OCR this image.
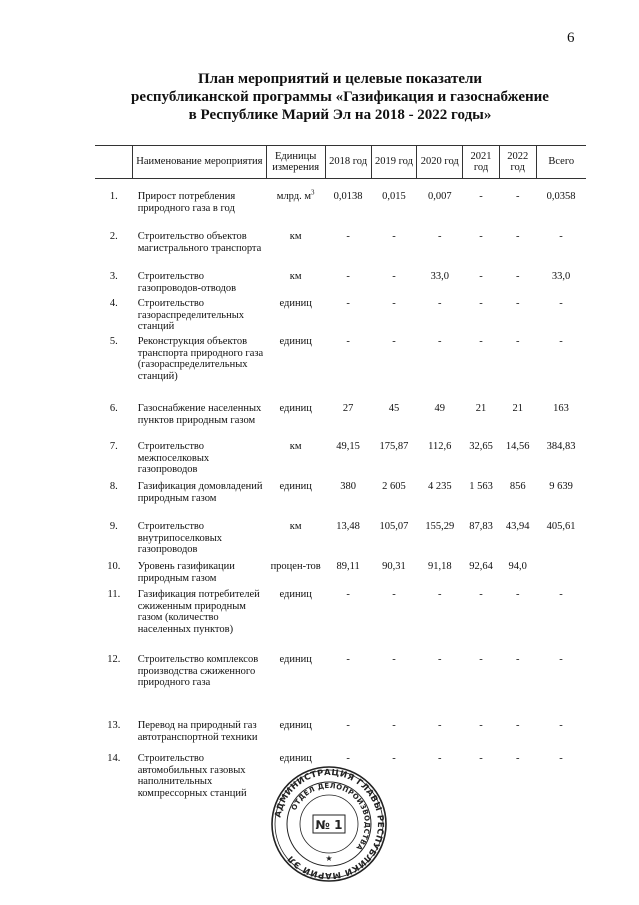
6
План мероприятий и целевые показатели
республиканской программы «Газификация и газоснабжение
в Республике Марий Эл на 2018 - 2022 годы»
	Наименование мероприятия	Единицы измерения	2018 год	2019 год	2020 год	2021 год	2022 год	Всего

1.	Прирост потребления природного газа в год	млрд. $м^3$	0,0138	0,015	0,007	-	-	0,0358
2.	Строительство объектов магистрального транспорта	км	-	-	-	-	-	-
3.	Строительство газопроводов-отводов	км	-	-	33,0	-	-	33,0
4.	Строительство газораспределительных станций	единиц	-	-	-	-	-	-
5.	Реконструкция объектов транспорта природного газа (газораспределительных станций)	единиц	-	-	-	-	-	-
6.	Газоснабжение населенных пунктов природным газом	единиц	27	45	49	21	21	163
7.	Строительство межпоселковых газопроводов	км	49,15	175,87	112,6	32,65	14,56	384,83
8.	Газификация домовладений природным газом	единиц	380	2 605	4 235	1 563	856	9 639
9.	Строительство внутрипоселковых газопроводов	км	13,48	105,07	155,29	87,83	43,94	405,61
10.	Уровень газификации природным газом	процен-тов	89,11	90,31	91,18	92,64	94,0	
11.	Газификация потребителей сжиженным природным газом (количество населенных пунктов)	единиц	-	-	-	-	-	-
12.	Строительство комплексов производства сжиженного природного газа	единиц	-	-	-	-	-	-
13.	Перевод на природный газ автотранспортной техники	единиц	-	-	-	-	-	-
14.	Строительство автомобильных газовых наполнительных компрессорных станций	единиц	-	-	-	-	-	-
АДМИНИСТРАЦИЯ ГЛАВЫ РЕСПУБЛИКИ МАРИЙ ЭЛ
ОТДЕЛ ДЕЛОПРОИЗВОДСТВА
№ 1
★
